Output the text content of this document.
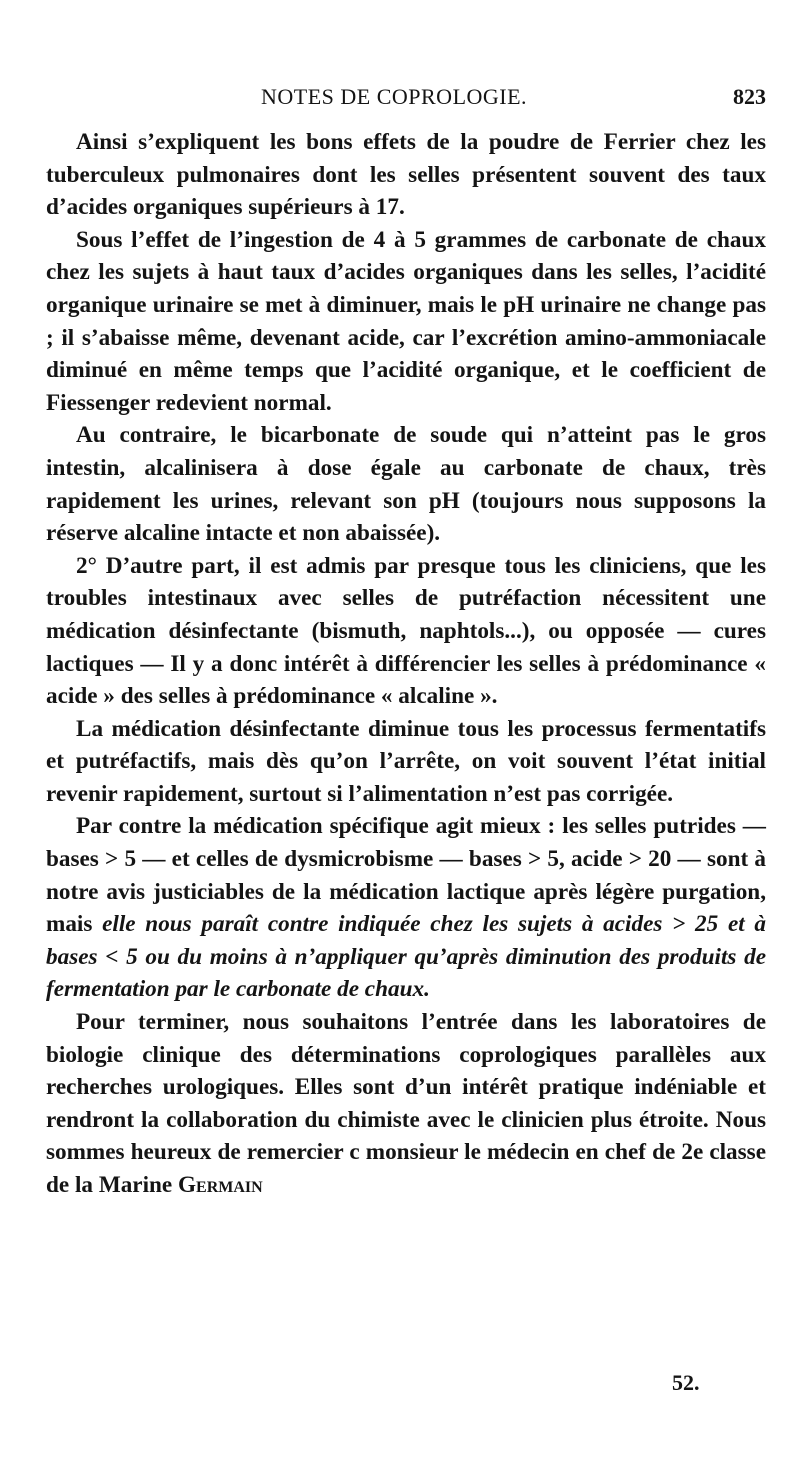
NOTES DE COPROLOGIE.	823

Ainsi s’expliquent les bons effets de la poudre de Ferrier chez les tuberculeux pulmonaires dont les selles présentent souvent des taux d’acides organiques supérieurs à 17.

Sous l’effet de l’ingestion de 4 à 5 grammes de carbonate de chaux chez les sujets à haut taux d’acides organiques dans les selles, l’acidité organique urinaire se met à diminuer, mais le pH urinaire ne change pas ; il s’abaisse même, devenant acide, car l’excrétion amino-ammoniacale diminué en même temps que l’acidité organique, et le coefficient de Fiessenger redevient normal.

Au contraire, le bicarbonate de soude qui n’atteint pas le gros intestin, alcalinisera à dose égale au carbonate de chaux, très rapidement les urines, relevant son pH (toujours nous supposons la réserve alcaline intacte et non abaissée).

2° D’autre part, il est admis par presque tous les cliniciens, que les troubles intestinaux avec selles de putréfaction nécessitent une médication désinfectante (bismuth, naphtols...), ou opposée — cures lactiques — Il y a donc intérêt à différencier les selles à prédominance « acide » des selles à prédominance « alcaline ».

La médication désinfectante diminue tous les processus fermentatifs et putréfactifs, mais dès qu’on l’arrête, on voit souvent l’état initial revenir rapidement, surtout si l’alimentation n’est pas corrigée.

Par contre la médication spécifique agit mieux : les selles putrides — bases > 5 — et celles de dysmicrobisme — bases > 5, acide > 20 — sont à notre avis justiciables de la médication lactique après légère purgation, mais elle nous paraît contre indiquée chez les sujets à acides > 25 et à bases < 5 ou du moins à n’appliquer qu’après diminution des produits de fermentation par le carbonate de chaux.

Pour terminer, nous souhaitons l’entrée dans les laboratoires de biologie clinique des déterminations coprologiques parallèles aux recherches urologiques. Elles sont d’un intérêt pratique indéniable et rendront la collaboration du chimiste avec le clinicien plus étroite. Nous sommes heureux de remercier c monsieur le médecin en chef de 2e classe de la Marine Germain

52.
